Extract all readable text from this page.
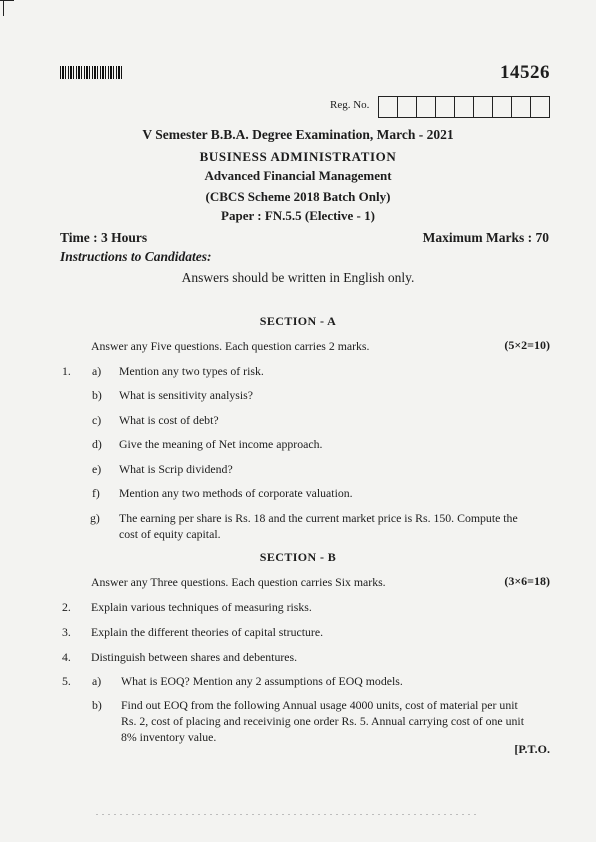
14526
Reg. No.
V Semester B.B.A. Degree Examination, March - 2021
BUSINESS ADMINISTRATION
Advanced Financial Management
(CBCS Scheme 2018 Batch Only)
Paper : FN.5.5 (Elective - 1)
Time : 3 Hours	Maximum Marks : 70
Instructions to Candidates:
Answers should be written in English only.
SECTION - A
Answer any Five questions. Each question carries 2 marks.	(5×2=10)
1. a) Mention any two types of risk.
b) What is sensitivity analysis?
c) What is cost of debt?
d) Give the meaning of Net income approach.
e) What is Scrip dividend?
f) Mention any two methods of corporate valuation.
g) The earning per share is Rs. 18 and the current market price is Rs. 150. Compute the
cost of equity capital.
SECTION - B
Answer any Three questions. Each question carries Six marks.	(3×6=18)
2. Explain various techniques of measuring risks.
3. Explain the different theories of capital structure.
4. Distinguish between shares and debentures.
5. a) What is EOQ? Mention any 2 assumptions of EOQ models.
b) Find out EOQ from the following Annual usage 4000 units, cost of material per unit
Rs. 2, cost of placing and receivinig one order Rs. 5. Annual carrying cost of one unit
8% inventory value.
[P.T.O.
